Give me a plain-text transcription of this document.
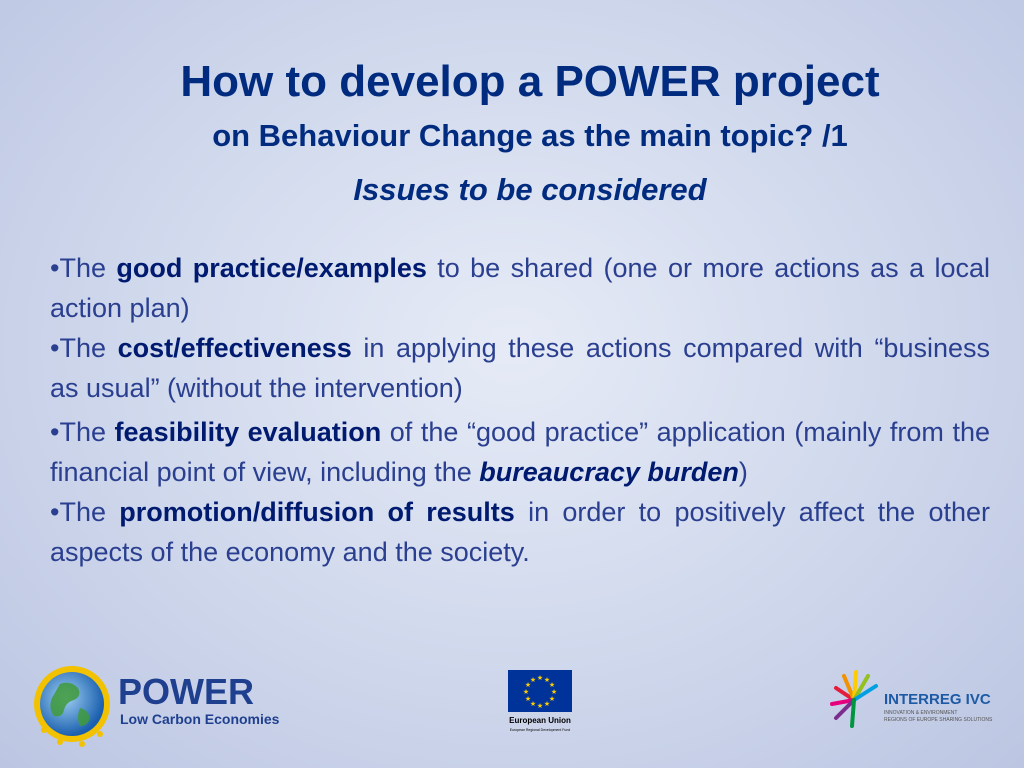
How to develop a POWER project
on Behaviour Change as the main topic? /1
Issues to be considered

•The good practice/examples to be shared (one or more actions as a local action plan)

•The cost/effectiveness in applying these actions compared with “business as usual” (without the intervention)

•The feasibility evaluation of the “good practice” application (mainly from the financial point of view, including the bureaucracy burden)

•The promotion/diffusion of results in order to positively affect the other aspects of the economy and the society.

POWER
Low Carbon Economies
★ ★
★
★
★
★
★
★
★
★
★
★
European Union
European Regional Development Fund
INTERREG IVC
INNOVATION & ENVIRONMENT
REGIONS OF EUROPE SHARING SOLUTIONS
